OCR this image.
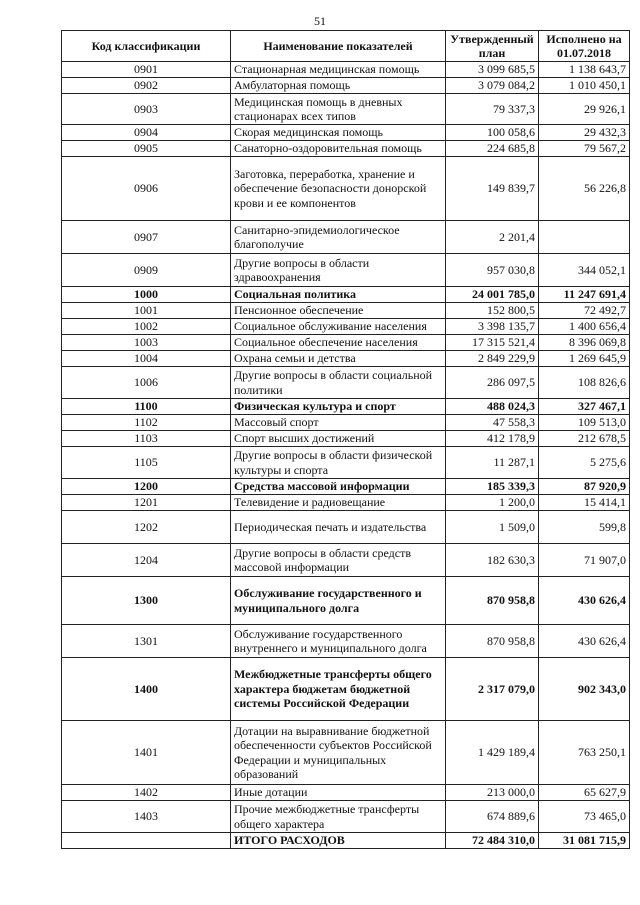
51
Код классификации	Наименование показателей	Утвержденный план	Исполнено на 01.07.2018
0901	Стационарная медицинская помощь	3 099 685,5	1 138 643,7
0902	Амбулаторная помощь	3 079 084,2	1 010 450,1
0903	Медицинская помощь в дневных стационарах всех типов	79 337,3	29 926,1
0904	Скорая медицинская помощь	100 058,6	29 432,3
0905	Санаторно-оздоровительная помощь	224 685,8	79 567,2
0906	Заготовка, переработка, хранение и обеспечение безопасности донорской крови и ее компонентов	149 839,7	56 226,8
0907	Санитарно-эпидемиологическое благополучие	2 201,4	
0909	Другие вопросы в области здравоохранения	957 030,8	344 052,1
1000	Социальная политика	24 001 785,0	11 247 691,4
1001	Пенсионное обеспечение	152 800,5	72 492,7
1002	Социальное обслуживание населения	3 398 135,7	1 400 656,4
1003	Социальное обеспечение населения	17 315 521,4	8 396 069,8
1004	Охрана семьи и детства	2 849 229,9	1 269 645,9
1006	Другие вопросы в области социальной политики	286 097,5	108 826,6
1100	Физическая культура и спорт	488 024,3	327 467,1
1102	Массовый спорт	47 558,3	109 513,0
1103	Спорт высших достижений	412 178,9	212 678,5
1105	Другие вопросы в области физической культуры и спорта	11 287,1	5 275,6
1200	Средства массовой информации	185 339,3	87 920,9
1201	Телевидение и радиовещание	1 200,0	15 414,1
1202	Периодическая печать и издательства	1 509,0	599,8
1204	Другие вопросы в области средств массовой информации	182 630,3	71 907,0
1300	Обслуживание государственного и муниципального долга	870 958,8	430 626,4
1301	Обслуживание государственного внутреннего и муниципального долга	870 958,8	430 626,4
1400	Межбюджетные трансферты общего характера бюджетам бюджетной системы Российской Федерации	2 317 079,0	902 343,0
1401	Дотации на выравнивание бюджетной обеспеченности субъектов Российской Федерации и муниципальных образований	1 429 189,4	763 250,1
1402	Иные дотации	213 000,0	65 627,9
1403	Прочие межбюджетные трансферты общего характера	674 889,6	73 465,0
	ИТОГО РАСХОДОВ	72 484 310,0	31 081 715,9
